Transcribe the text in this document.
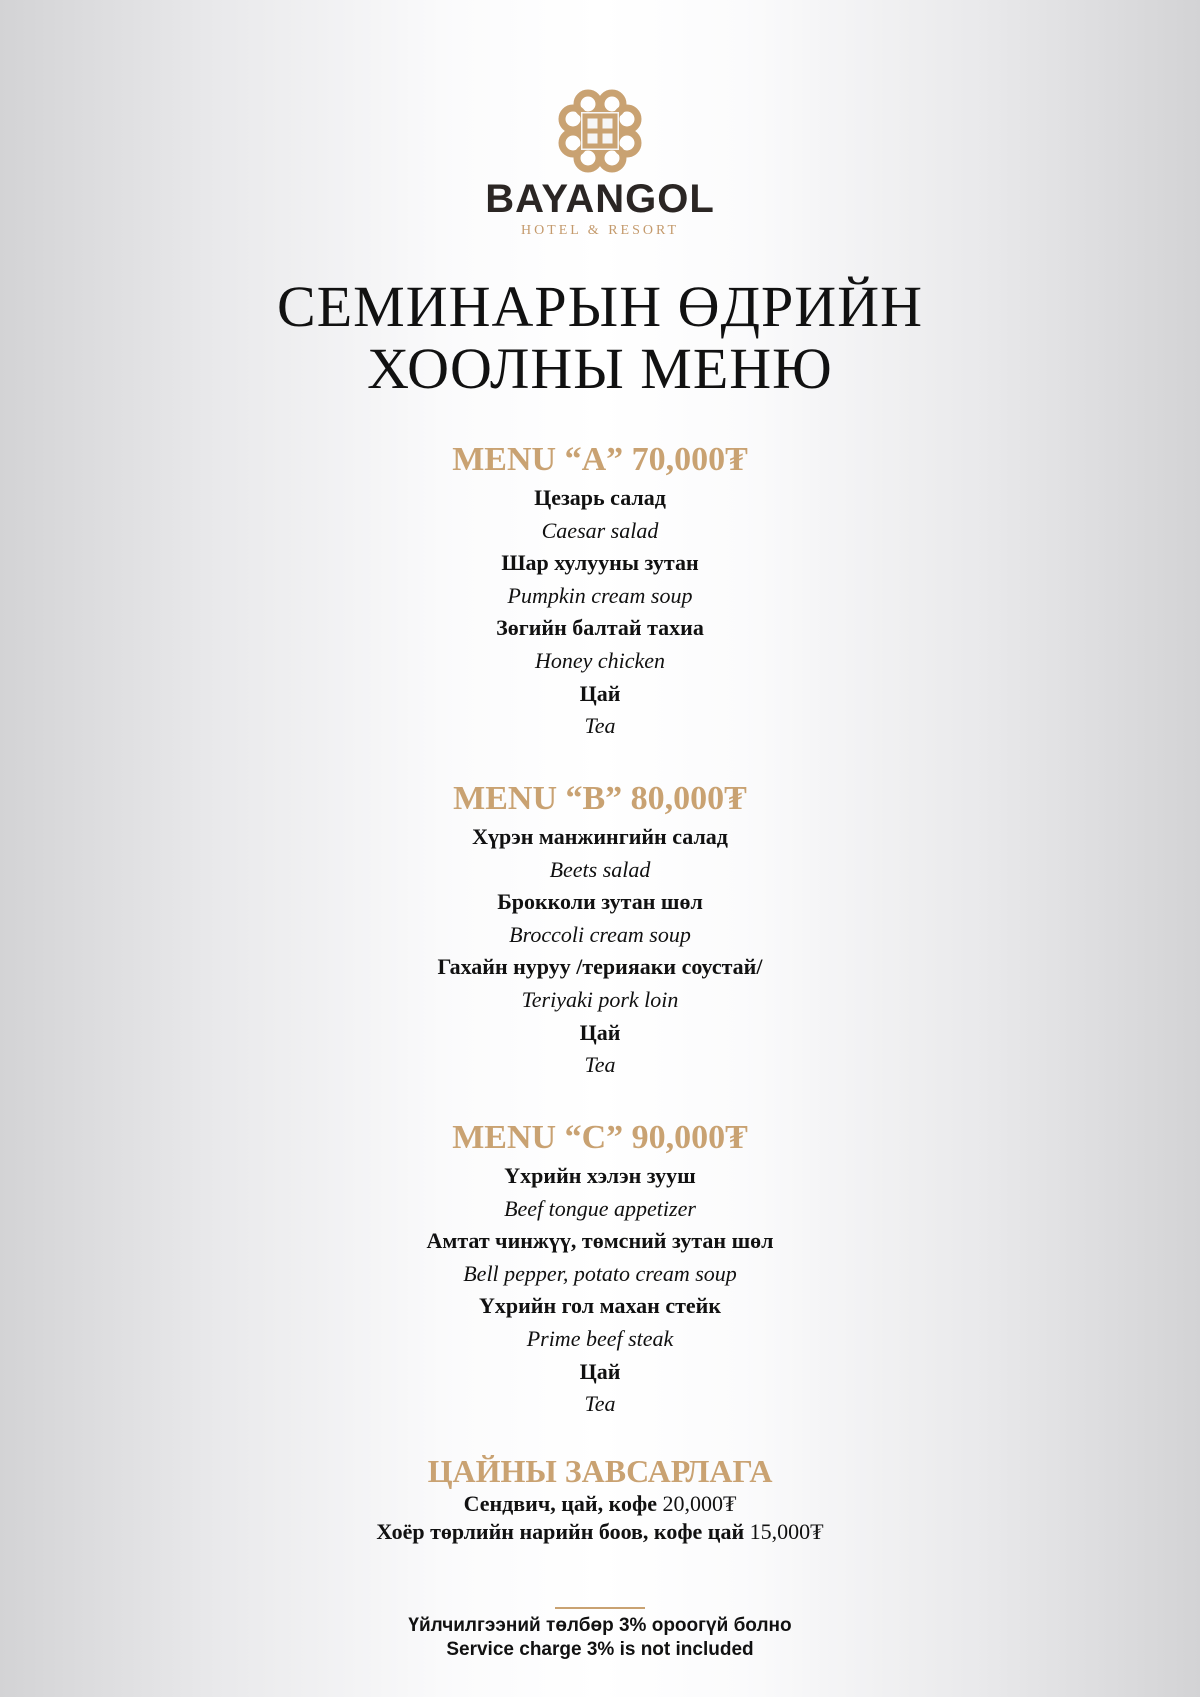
BAYANGOL
HOTEL & RESORT
СЕМИНАРЫН ӨДРИЙН
ХООЛНЫ МЕНЮ
MENU “A” 70,000₮
Цезарь салад
Caesar salad
Шар хулууны зутан
Pumpkin cream soup
Зөгийн балтай тахиа
Honey chicken
Цай
Tea
MENU “B” 80,000₮
Хүрэн манжингийн салад
Beets salad
Брокколи зутан шөл
Broccoli cream soup
Гахайн нуруу /терияаки соустай/
Teriyaki pork loin
Цай
Tea
MENU “C” 90,000₮
Үхрийн хэлэн зууш
Beef tongue appetizer
Амтат чинжүү, төмсний зутан шөл
Bell pepper, potato cream soup
Үхрийн гол махан стейк
Prime beef steak
Цай
Tea
ЦАЙНЫ ЗАВСАРЛАГА
Сендвич, цай, кофе 20,000₮
Хоёр төрлийн нарийн боов, кофе цай 15,000₮
Үйлчилгээний төлбөр 3% ороогүй болно
Service charge 3% is not included
